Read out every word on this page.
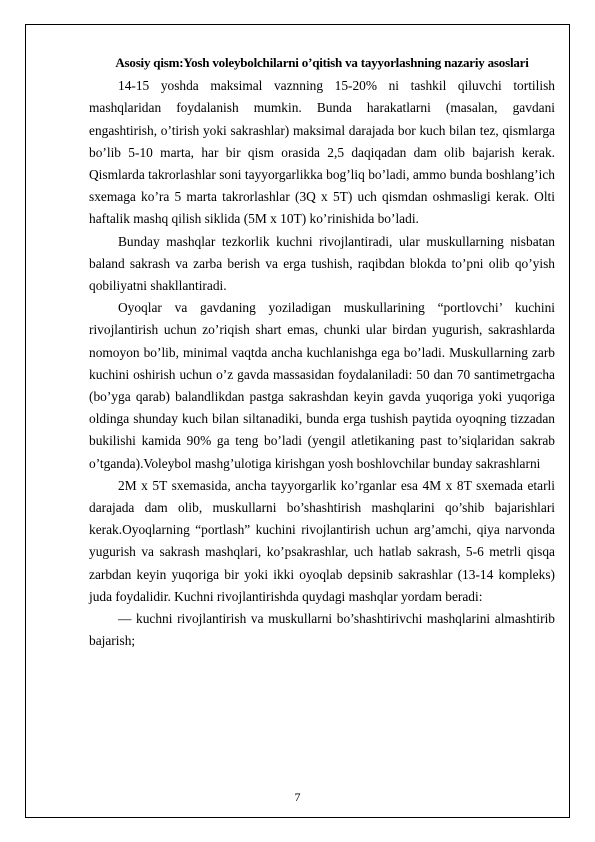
Asosiy qism:Yosh voleybolchilarni o’qitish va tayyorlashning nazariy asoslari

14-15 yoshda maksimal vaznning 15-20% ni tashkil qiluvchi tortilish mashqlaridan foydalanish mumkin. Bunda harakatlarni (masalan, gavdani engashtirish, o’tirish yoki sakrashlar) maksimal darajada bor kuch bilan tez, qismlarga bo’lib 5-10 marta, har bir qism orasida 2,5 daqiqadan dam olib bajarish kerak. Qismlarda takrorlashlar soni tayyorgarlikka bog’liq bo’ladi, ammo bunda boshlang’ich sxemaga ko’ra 5 marta takrorlashlar (3Q x 5T) uch qismdan oshmasligi kerak. Olti haftalik mashq qilish siklida (5M x 10T) ko’rinishida bo’ladi.

Bunday mashqlar tezkorlik kuchni rivojlantiradi, ular muskullarning nisbatan baland sakrash va zarba berish va erga tushish, raqibdan blokda to’pni olib qo’yish qobiliyatni shakllantiradi.

Oyoqlar va gavdaning yoziladigan muskullarining “portlovchi’ kuchini rivojlantirish uchun zo’riqish shart emas, chunki ular birdan yugurish, sakrashlarda nomoyon bo’lib, minimal vaqtda ancha kuchlanishga ega bo’ladi. Muskullarning zarb kuchini oshirish uchun o’z gavda massasidan foydalaniladi: 50 dan 70 santimetrgacha (bo’yga qarab) balandlikdan pastga sakrashdan keyin gavda yuqoriga yoki yuqoriga oldinga shunday kuch bilan siltanadiki, bunda erga tushish paytida oyoqning tizzadan bukilishi kamida 90% ga teng bo’ladi (yengil atletikaning past to’siqlaridan sakrab o’tganda).Voleybol mashg’ulotiga kirishgan yosh boshlovchilar bunday sakrashlarni

2M x 5T sxemasida, ancha tayyorgarlik ko’rganlar esa 4M x 8T sxemada etarli darajada dam olib, muskullarni bo’shashtirish mashqlarini qo’shib bajarishlari kerak.Oyoqlarning “portlash” kuchini rivojlantirish uchun arg’amchi, qiya narvonda yugurish va sakrash mashqlari, ko’psakrashlar, uch hatlab sakrash, 5-6 metrli qisqa zarbdan keyin yuqoriga bir yoki ikki oyoqlab depsinib sakrashlar (13-14 kompleks) juda foydalidir. Kuchni rivojlantirishda quydagi mashqlar yordam beradi:

— kuchni rivojlantirish va muskullarni bo’shashtirivchi mashqlarini almashtirib bajarish;

7
